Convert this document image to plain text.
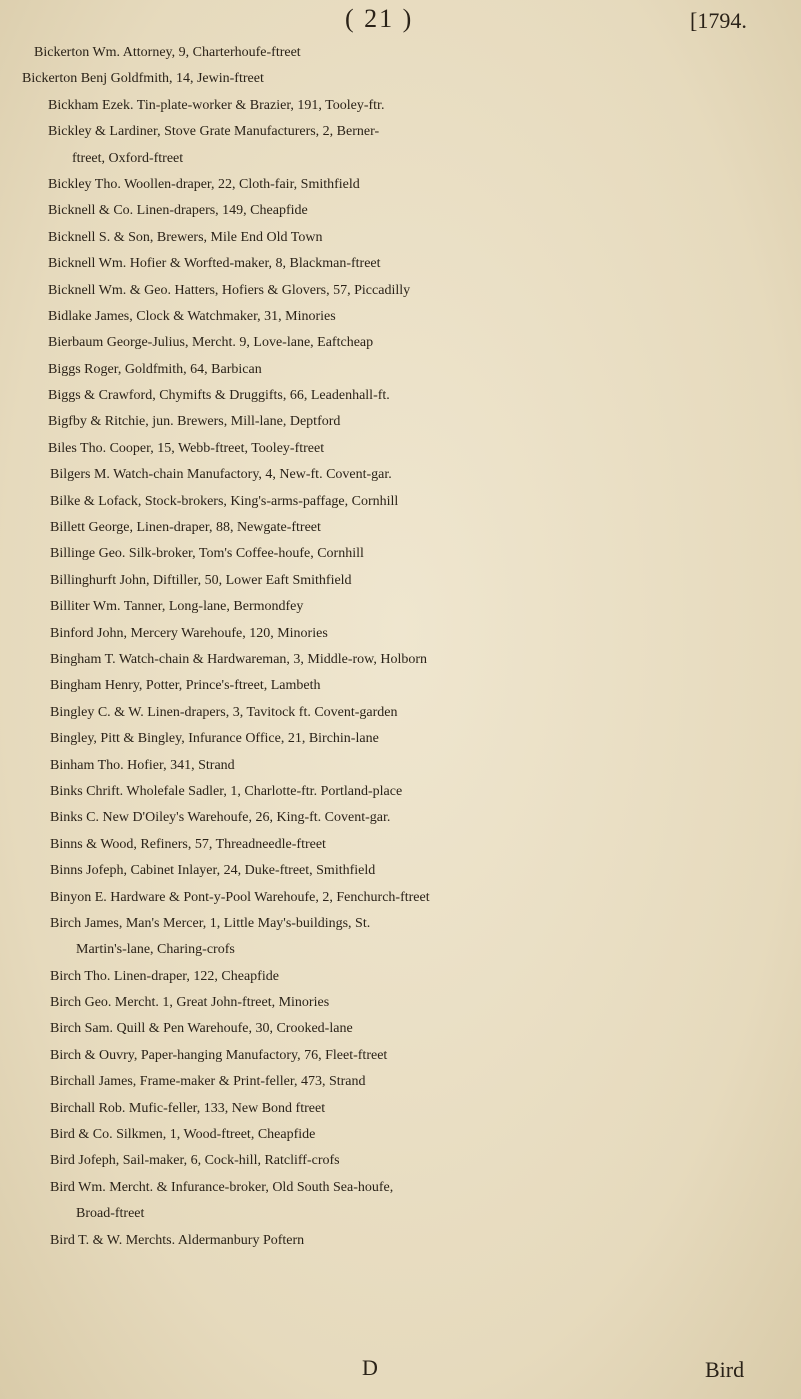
( 21 )	[1794.
Bickerton Wm. Attorney, 9, Charterhoufe-ftreet
Bickerton Benj Goldfmith, 14, Jewin-ftreet
Bickham Ezek. Tin-plate-worker & Brazier, 191, Tooley-ftr.
Bickley & Lardiner, Stove Grate Manufacturers, 2, Berner-
ftreet, Oxford-ftreet
Bickley Tho. Woollen-draper, 22, Cloth-fair, Smithfield
Bicknell & Co. Linen-drapers, 149, Cheapfide
Bicknell S. & Son, Brewers, Mile End Old Town
Bicknell Wm. Hofier & Worfted-maker, 8, Blackman-ftreet
Bicknell Wm. & Geo. Hatters, Hofiers & Glovers, 57, Piccadilly
Bidlake James, Clock & Watchmaker, 31, Minories
Bierbaum George-Julius, Mercht. 9, Love-lane, Eaftcheap
Biggs Roger, Goldfmith, 64, Barbican
Biggs & Crawford, Chymifts & Druggifts, 66, Leadenhall-ft.
Bigfby & Ritchie, jun. Brewers, Mill-lane, Deptford
Biles Tho. Cooper, 15, Webb-ftreet, Tooley-ftreet
Bilgers M. Watch-chain Manufactory, 4, New-ft. Covent-gar.
Bilke & Lofack, Stock-brokers, King's-arms-paffage, Cornhill
Billett George, Linen-draper, 88, Newgate-ftreet
Billinge Geo. Silk-broker, Tom's Coffee-houfe, Cornhill
Billinghurft John, Diftiller, 50, Lower Eaft Smithfield
Billiter Wm. Tanner, Long-lane, Bermondfey
Binford John, Mercery Warehoufe, 120, Minories
Bingham T. Watch-chain & Hardwareman, 3, Middle-row, Holborn
Bingham Henry, Potter, Prince's-ftreet, Lambeth
Bingley C. & W. Linen-drapers, 3, Tavitock ft. Covent-garden
Bingley, Pitt & Bingley, Infurance Office, 21, Birchin-lane
Binham Tho. Hofier, 341, Strand
Binks Chrift. Wholefale Sadler, 1, Charlotte-ftr. Portland-place
Binks C. New D'Oiley's Warehoufe, 26, King-ft. Covent-gar.
Binns & Wood, Refiners, 57, Threadneedle-ftreet
Binns Jofeph, Cabinet Inlayer, 24, Duke-ftreet, Smithfield
Binyon E. Hardware & Pont-y-Pool Warehoufe, 2, Fenchurch-ftreet
Birch James, Man's Mercer, 1, Little May's-buildings, St.
Martin's-lane, Charing-crofs
Birch Tho. Linen-draper, 122, Cheapfide
Birch Geo. Mercht. 1, Great John-ftreet, Minories
Birch Sam. Quill & Pen Warehoufe, 30, Crooked-lane
Birch & Ouvry, Paper-hanging Manufactory, 76, Fleet-ftreet
Birchall James, Frame-maker & Print-feller, 473, Strand
Birchall Rob. Mufic-feller, 133, New Bond ftreet
Bird & Co. Silkmen, 1, Wood-ftreet, Cheapfide
Bird Jofeph, Sail-maker, 6, Cock-hill, Ratcliff-crofs
Bird Wm. Mercht. & Infurance-broker, Old South Sea-houfe,
Broad-ftreet
Bird T. & W. Merchts. Aldermanbury Poftern
D	Bird
